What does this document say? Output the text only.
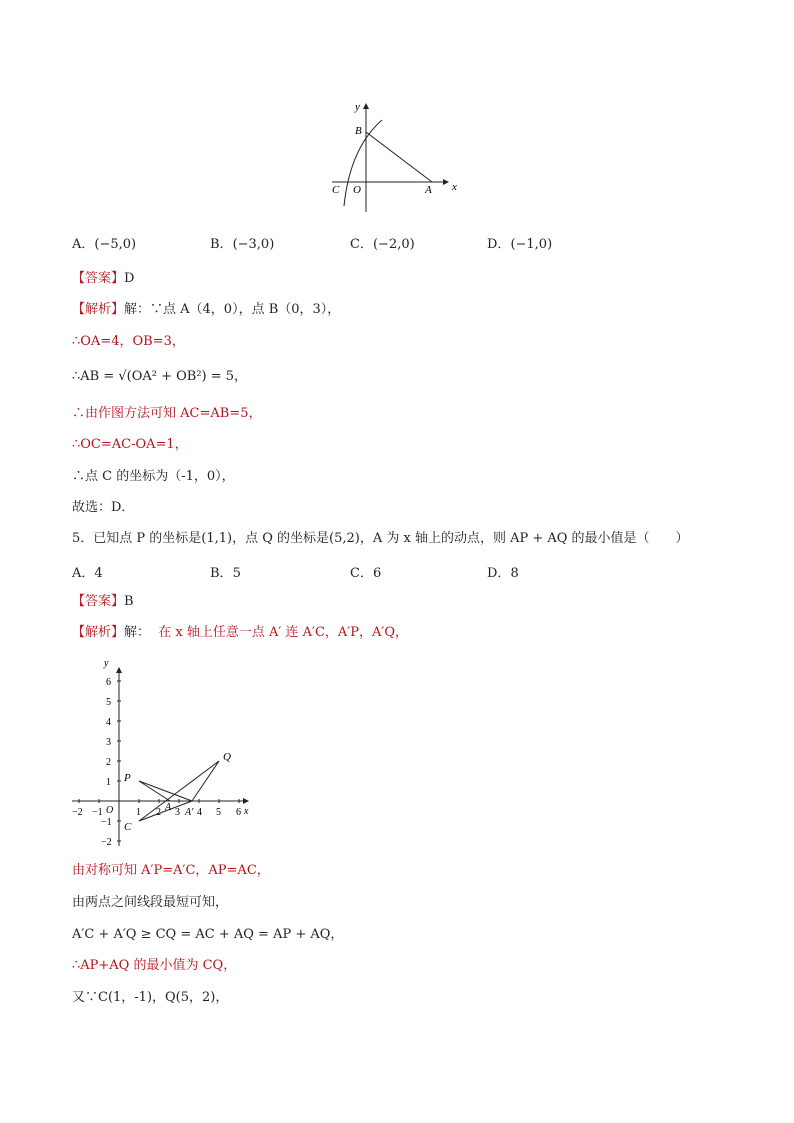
y
x
B
C O	A
y
x
O
−2 −1	1 2 3 4 5 6
6
5
4
3
2
1
−1
−2
P
Q
C
A A′
A．(−5,0)	B．(−3,0)	C．(−2,0)	D．(−1,0)
【答案】D
【解析】解：∵点 A（4，0），点 B（0，3），
∴OA=4，OB=3，
∴AB = √(OA² + OB²) = 5，
∴由作图方法可知 AC=AB=5，
∴OC=AC-OA=1，
∴点 C 的坐标为（-1，0），
故选：D．
5．已知点 P 的坐标是(1,1)，点 Q 的坐标是(5,2)，A 为 x 轴上的动点，则 AP + AQ 的最小值是（　　）
A．4	B．5	C．6	D．8
【答案】B
【解析】解： 在 x 轴上任意一点 A′ 连 A′C，A′P，A′Q，
由对称可知 A′P=A′C，AP=AC，
由两点之间线段最短可知，
A′C + A′Q ≥ CQ = AC + AQ = AP + AQ，
∴AP+AQ 的最小值为 CQ，
又∵C(1，-1)，Q(5，2)，
